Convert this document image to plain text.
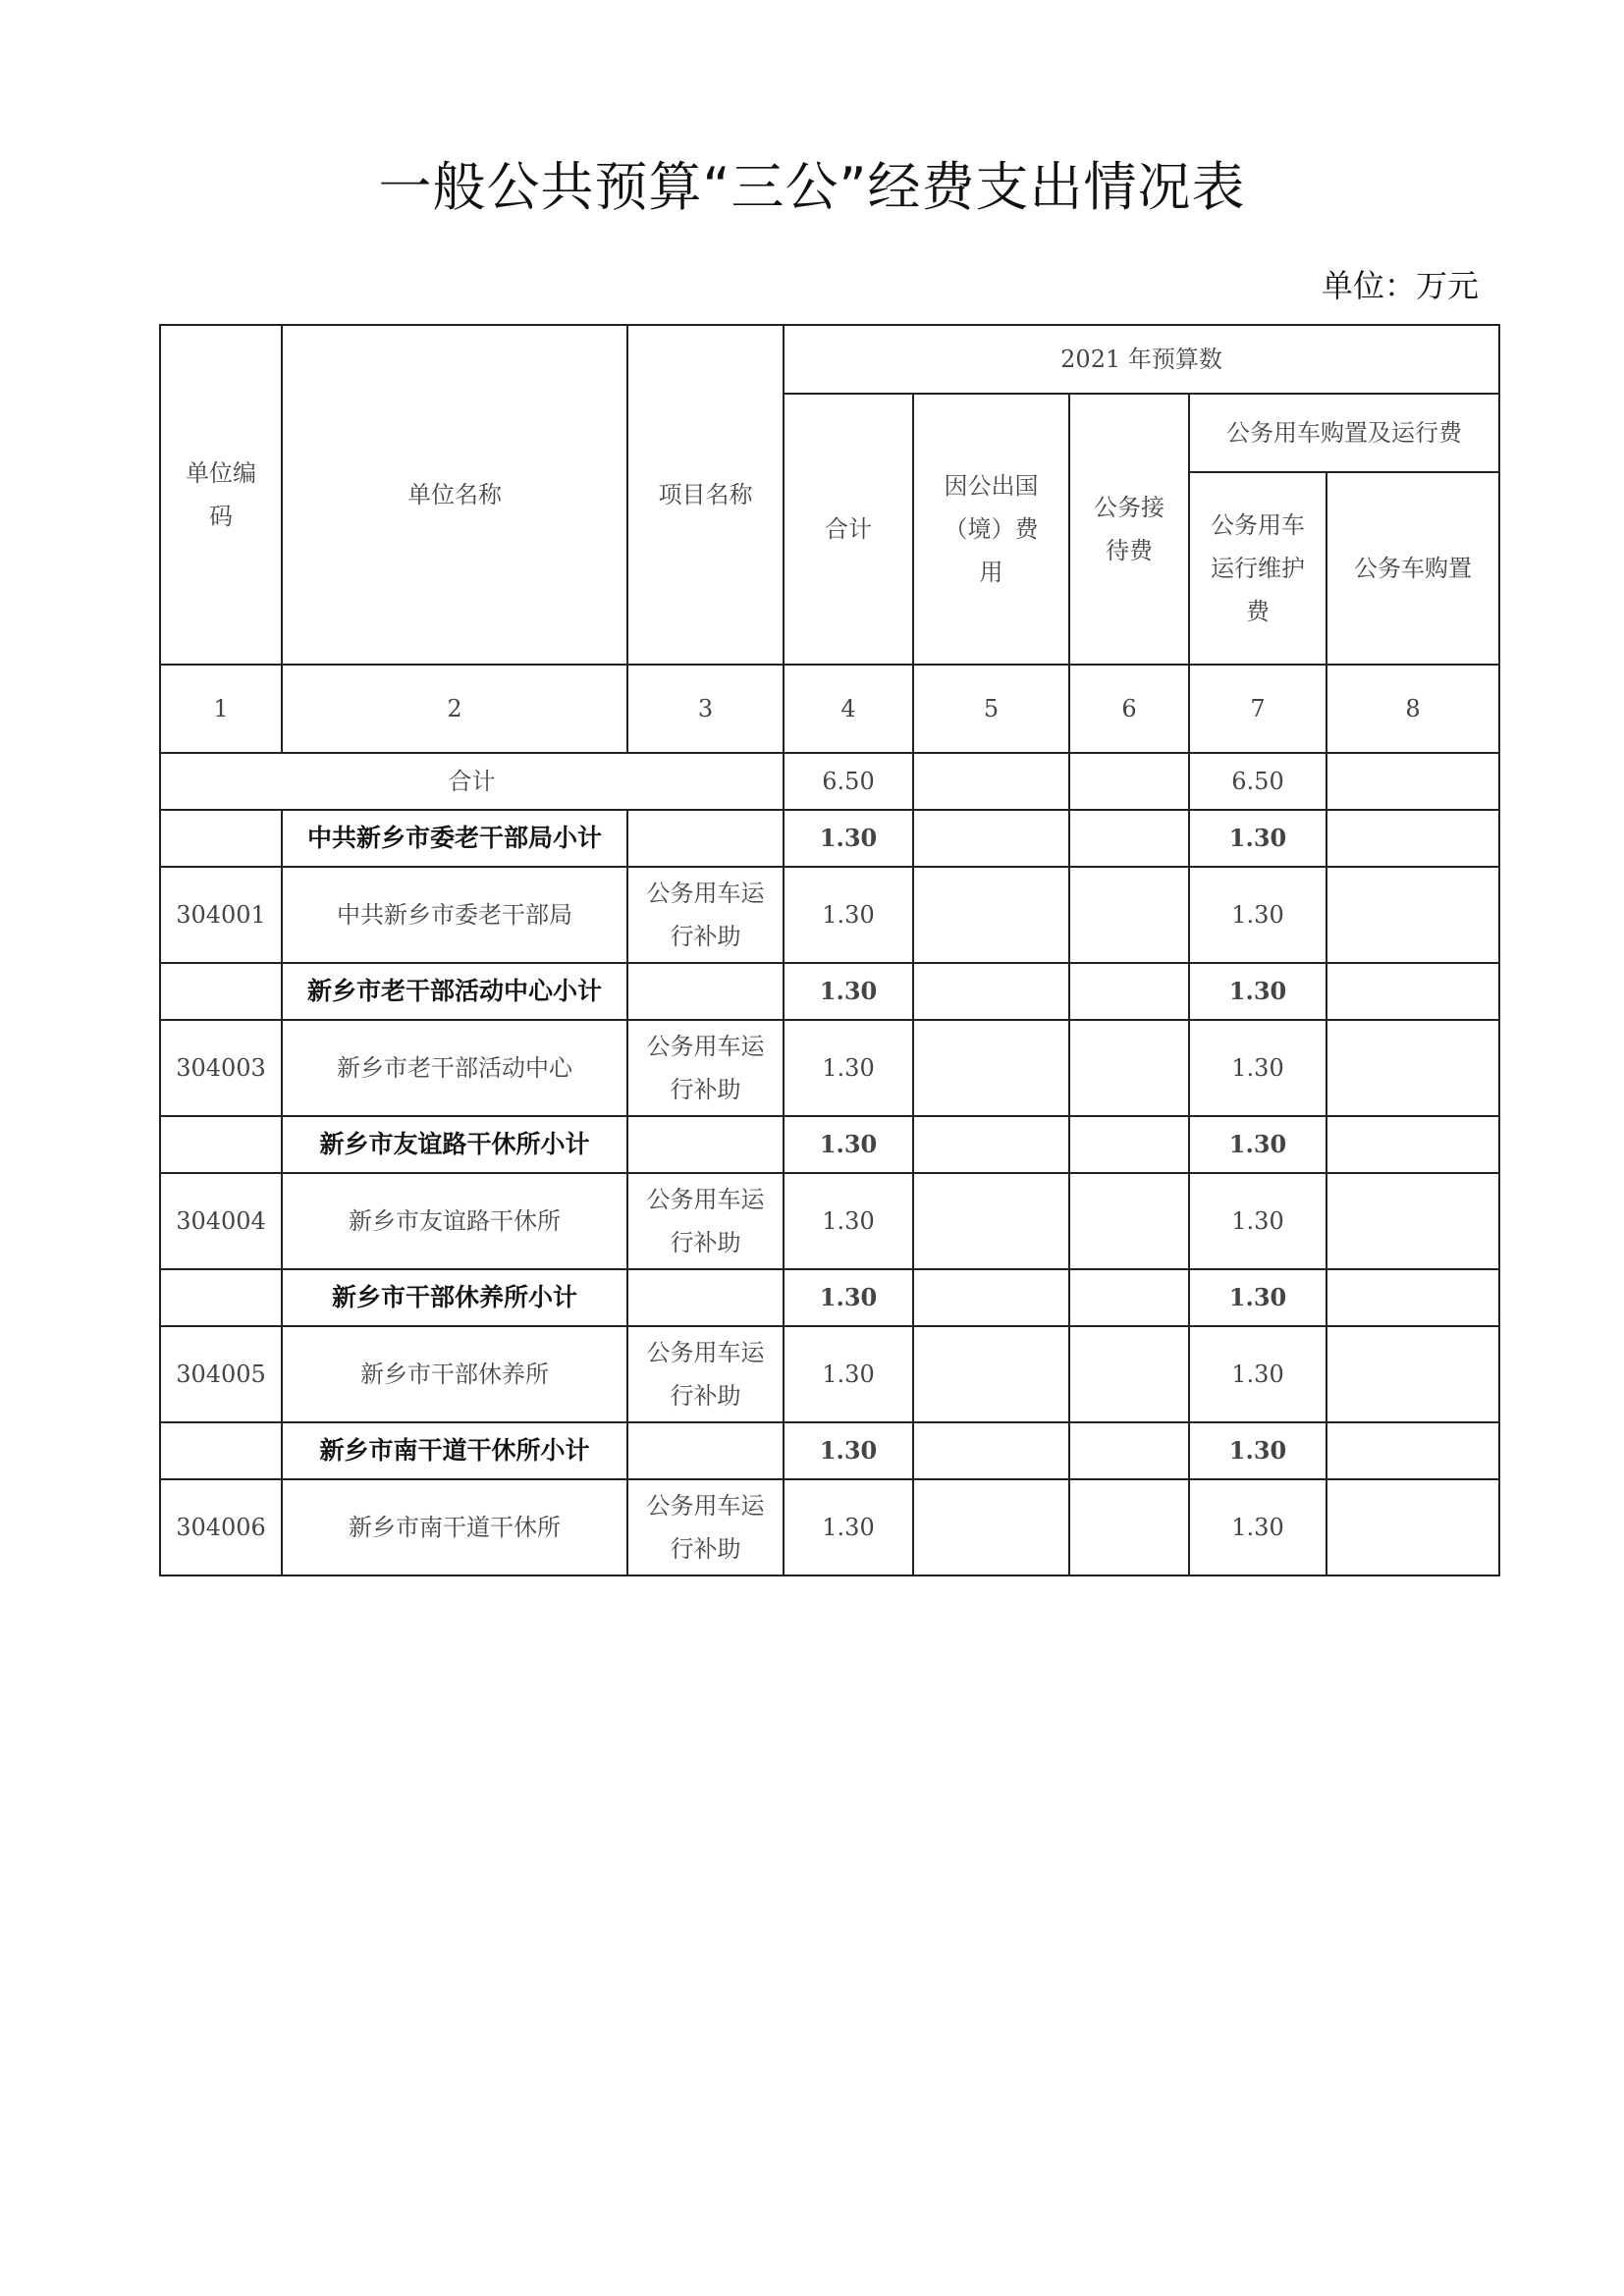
一般公共预算“三公”经费支出情况表
单位：万元
单位编码	单位名称	项目名称	2021 年预算数				
			合计	因公出国（境）费用	公务接待费	公务用车购置及运行费	
						公务用车运行维护费	公务车购置
1	2	3	4	5	6	7	8
合计			6.50			6.50	
	中共新乡市委老干部局小计		1.30			1.30	
304001	中共新乡市委老干部局	公务用车运行补助	1.30			1.30	
	新乡市老干部活动中心小计		1.30			1.30	
304003	新乡市老干部活动中心	公务用车运行补助	1.30			1.30	
	新乡市友谊路干休所小计		1.30			1.30	
304004	新乡市友谊路干休所	公务用车运行补助	1.30			1.30	
	新乡市干部休养所小计		1.30			1.30	
304005	新乡市干部休养所	公务用车运行补助	1.30			1.30	
	新乡市南干道干休所小计		1.30			1.30	
304006	新乡市南干道干休所	公务用车运行补助	1.30			1.30	
